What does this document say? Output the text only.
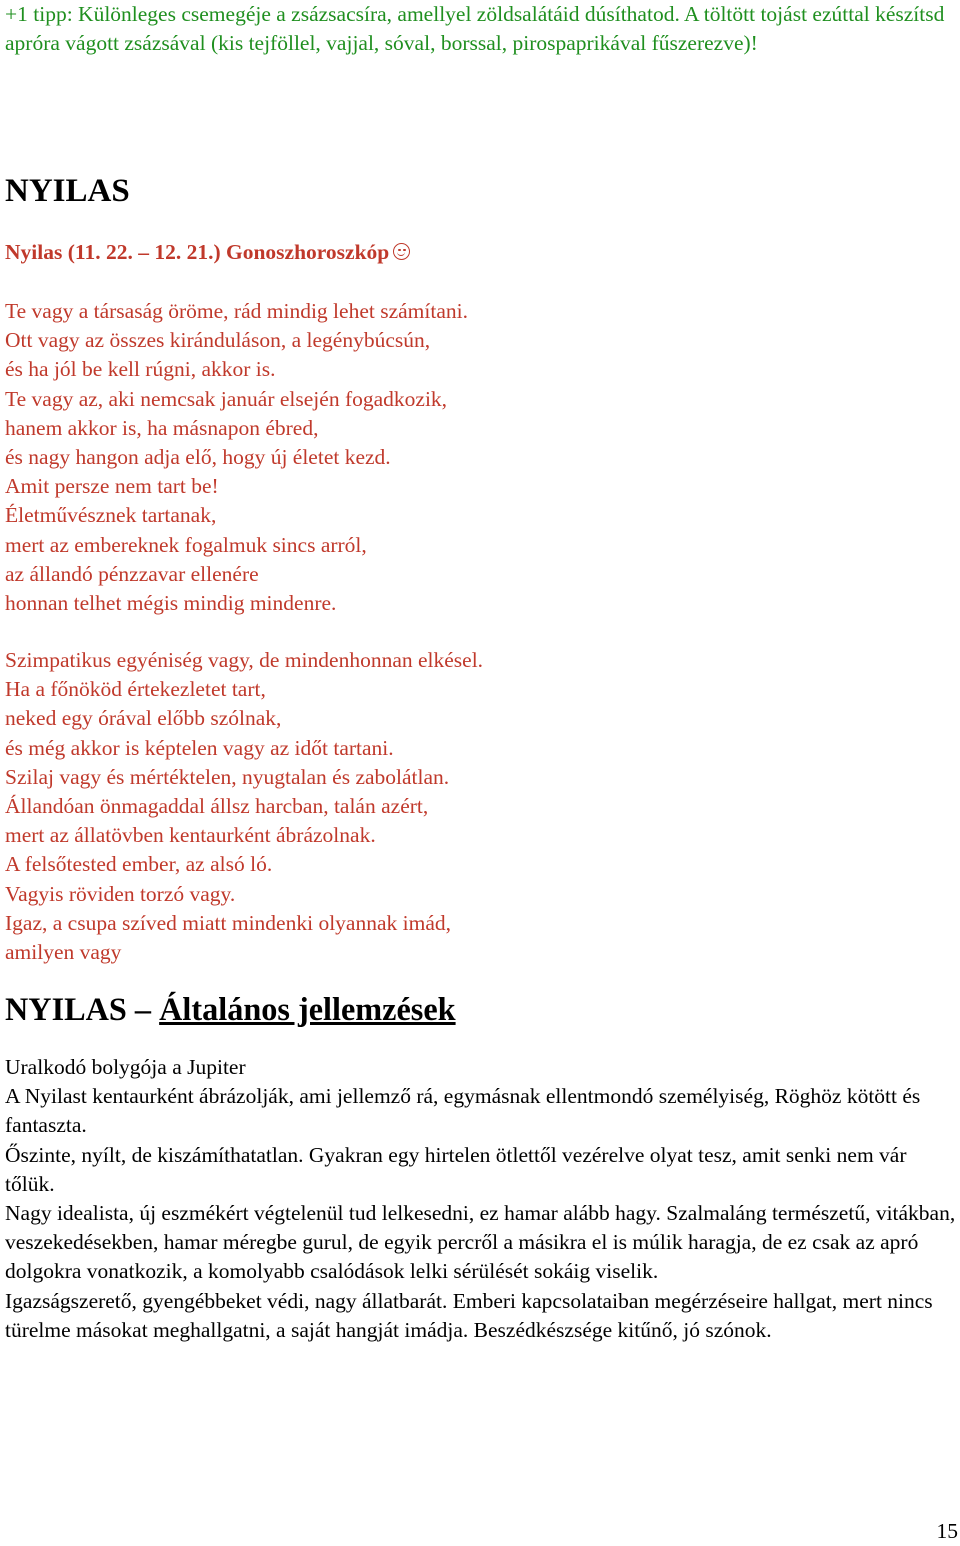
+1 tipp: Különleges csemegéje a zsázsacsíra, amellyel zöldsalátáid dúsíthatod. A töltött tojást ezúttal készítsd apróra vágott zsázsával (kis tejföllel, vajjal, sóval, borssal, pirospaprikával fűszerezve)!

NYILAS

Nyilas (11. 22. – 12. 21.) Gonoszhoroszkóp

Te vagy a társaság öröme, rád mindig lehet számítani.
Ott vagy az összes kiránduláson, a legénybúcsún,
és ha jól be kell rúgni, akkor is.
Te vagy az, aki nemcsak január elsején fogadkozik,
hanem akkor is, ha másnapon ébred,
és nagy hangon adja elő, hogy új életet kezd.
Amit persze nem tart be!
Életművésznek tartanak,
mert az embereknek fogalmuk sincs arról,
az állandó pénzzavar ellenére
honnan telhet mégis mindig mindenre.
Szimpatikus egyéniség vagy, de mindenhonnan elkésel.
Ha a főnököd értekezletet tart,
neked egy órával előbb szólnak,
és még akkor is képtelen vagy az időt tartani.
Szilaj vagy és mértéktelen, nyugtalan és zabolátlan.
Állandóan önmagaddal állsz harcban, talán azért,
mert az állatövben kentaurként ábrázolnak.
A felsőtested ember, az alsó ló.
Vagyis röviden torzó vagy.
Igaz, a csupa szíved miatt mindenki olyannak imád,
amilyen vagy
NYILAS – Általános jellemzések

Uralkodó bolygója a Jupiter

A Nyilast kentaurként ábrázolják, ami jellemző rá, egymásnak ellentmondó személyiség, Röghöz kötött és fantaszta.

Őszinte, nyílt, de kiszámíthatatlan. Gyakran egy hirtelen ötlettől vezérelve olyat tesz, amit senki nem vár tőlük.

Nagy idealista, új eszmékért végtelenül tud lelkesedni, ez hamar alább hagy. Szalmaláng természetű, vitákban, veszekedésekben, hamar méregbe gurul, de egyik percről a másikra el is múlik haragja, de ez csak az apró dolgokra vonatkozik, a komolyabb csalódások lelki sérülését sokáig viselik.

Igazságszerető, gyengébbeket védi, nagy állatbarát. Emberi kapcsolataiban megérzéseire hallgat, mert nincs türelme másokat meghallgatni, a saját hangját imádja. Beszédkészsége kitűnő, jó szónok.

15
